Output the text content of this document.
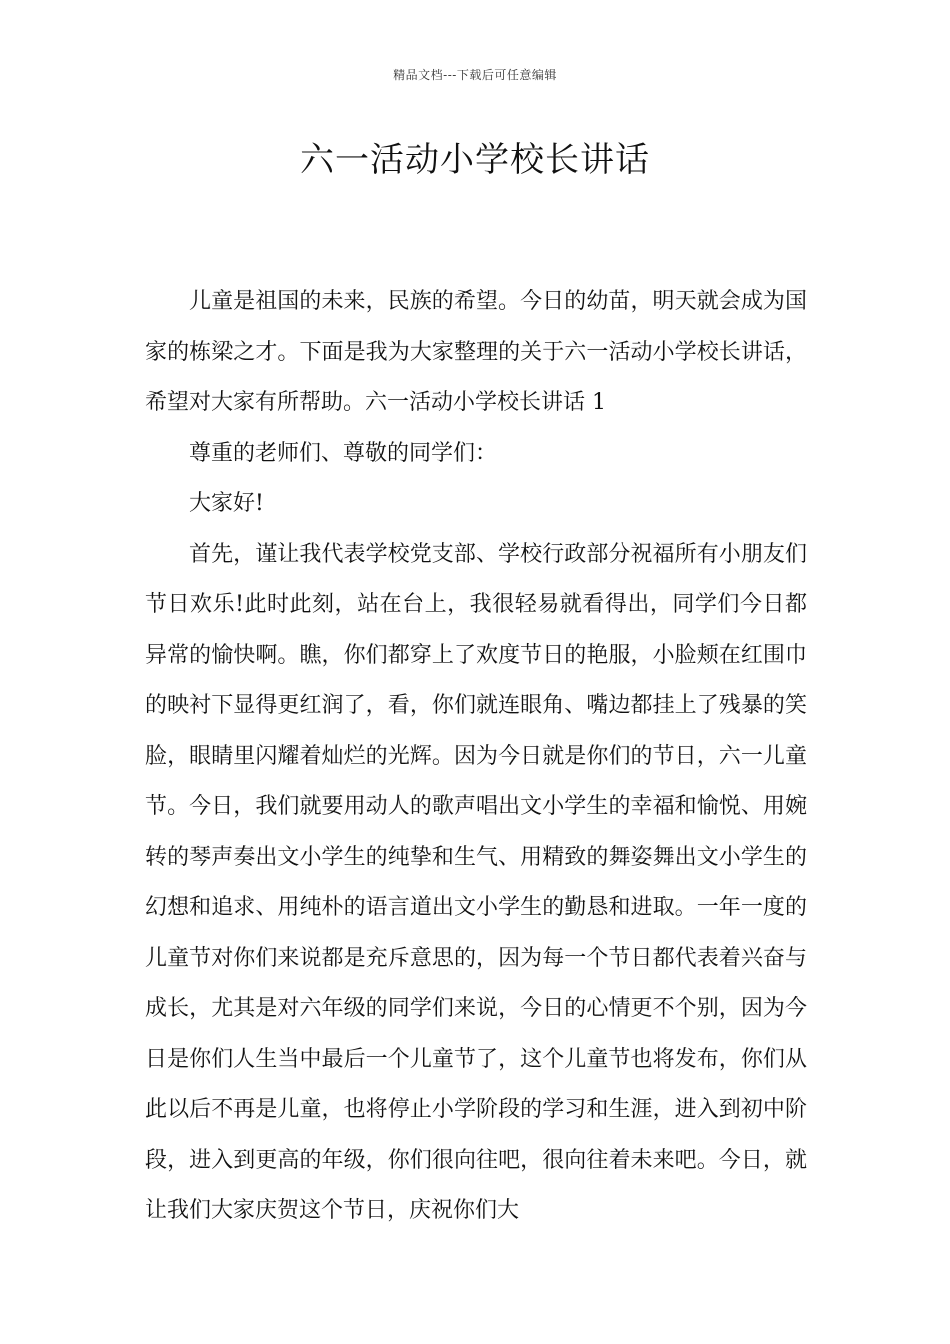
精品文档---下载后可任意编辑
六一活动小学校长讲话

儿童是祖国的未来，民族的希望。今日的幼苗，明天就会成为国家的栋梁之才。下面是我为大家整理的关于六一活动小学校长讲话，希望对大家有所帮助。六一活动小学校长讲话 1

尊重的老师们、尊敬的同学们：

大家好!

首先，谨让我代表学校党支部、学校行政部分祝福所有小朋友们节日欢乐!此时此刻，站在台上，我很轻易就看得出，同学们今日都异常的愉快啊。瞧，你们都穿上了欢度节日的艳服，小脸颊在红围巾的映衬下显得更红润了，看，你们就连眼角、嘴边都挂上了残暴的笑脸，眼睛里闪耀着灿烂的光辉。因为今日就是你们的节日，六一儿童节。今日，我们就要用动人的歌声唱出文小学生的幸福和愉悦、用婉转的琴声奏出文小学生的纯挚和生气、用精致的舞姿舞出文小学生的幻想和追求、用纯朴的语言道出文小学生的勤恳和进取。一年一度的儿童节对你们来说都是充斥意思的，因为每一个节日都代表着兴奋与成长，尤其是对六年级的同学们来说，今日的心情更不个别，因为今日是你们人生当中最后一个儿童节了，这个儿童节也将发布，你们从此以后不再是儿童，也将停止小学阶段的学习和生涯，进入到初中阶段，进入到更高的年级，你们很向往吧，很向往着未来吧。今日，就让我们大家庆贺这个节日，庆祝你们大
